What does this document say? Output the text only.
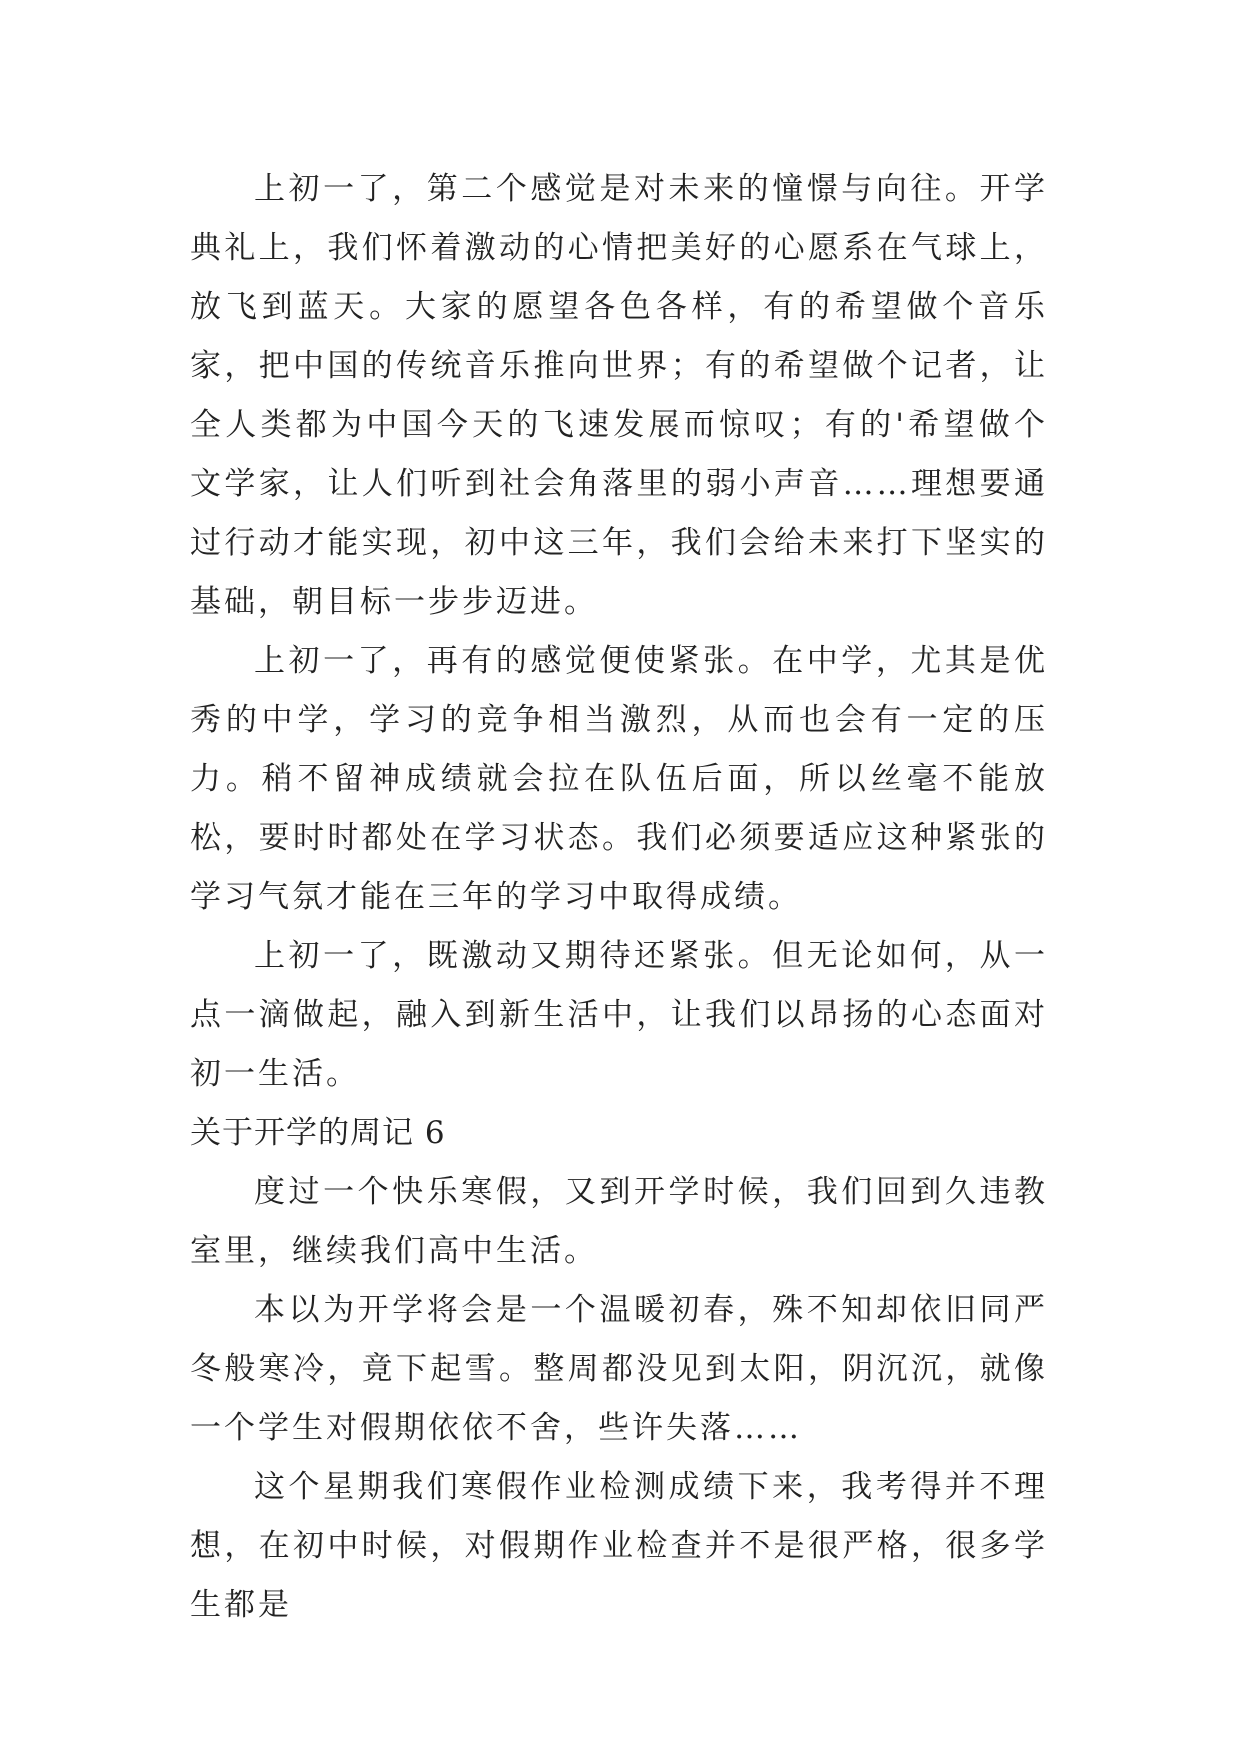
上初一了，第二个感觉是对未来的憧憬与向往。开学典礼上，我们怀着激动的心情把美好的心愿系在气球上，放飞到蓝天。大家的愿望各色各样，有的希望做个音乐家，把中国的传统音乐推向世界；有的希望做个记者，让全人类都为中国今天的飞速发展而惊叹；有的'希望做个文学家，让人们听到社会角落里的弱小声音……理想要通过行动才能实现，初中这三年，我们会给未来打下坚实的基础，朝目标一步步迈进。

上初一了，再有的感觉便使紧张。在中学，尤其是优秀的中学，学习的竞争相当激烈，从而也会有一定的压力。稍不留神成绩就会拉在队伍后面，所以丝毫不能放松，要时时都处在学习状态。我们必须要适应这种紧张的学习气氛才能在三年的学习中取得成绩。

上初一了，既激动又期待还紧张。但无论如何，从一点一滴做起，融入到新生活中，让我们以昂扬的心态面对初一生活。

关于开学的周记 6

度过一个快乐寒假，又到开学时候，我们回到久违教室里，继续我们高中生活。

本以为开学将会是一个温暖初春，殊不知却依旧同严冬般寒冷，竟下起雪。整周都没见到太阳，阴沉沉，就像一个学生对假期依依不舍，些许失落……

这个星期我们寒假作业检测成绩下来，我考得并不理想，在初中时候，对假期作业检查并不是很严格，很多学生都是
